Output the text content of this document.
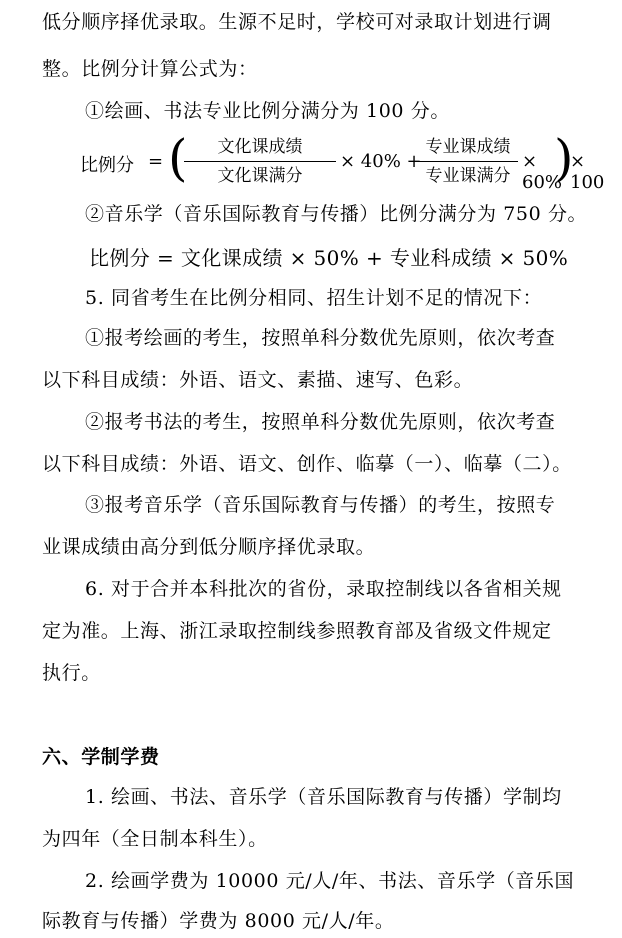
低分顺序择优录取。生源不足时，学校可对录取计划进行调
整。比例分计算公式为：
①绘画、书法专业比例分满分为 100 分。
比例分 = (	文化课成绩
文化课满分
× 40% +
专业课成绩
专业课满分
× 60%
)
× 100
②音乐学（音乐国际教育与传播）比例分满分为 750 分。
比例分 = 文化课成绩 × 50% + 专业科成绩 × 50%
5. 同省考生在比例分相同、招生计划不足的情况下：
①报考绘画的考生，按照单科分数优先原则，依次考查
以下科目成绩：外语、语文、素描、速写、色彩。
②报考书法的考生，按照单科分数优先原则，依次考查
以下科目成绩：外语、语文、创作、临摹（一）、临摹（二）。
③报考音乐学（音乐国际教育与传播）的考生，按照专
业课成绩由高分到低分顺序择优录取。
6. 对于合并本科批次的省份，录取控制线以各省相关规
定为准。上海、浙江录取控制线参照教育部及省级文件规定
执行。
六、学制学费
1. 绘画、书法、音乐学（音乐国际教育与传播）学制均
为四年（全日制本科生）。
2. 绘画学费为 10000 元/人/年、书法、音乐学（音乐国
际教育与传播）学费为 8000 元/人/年。
